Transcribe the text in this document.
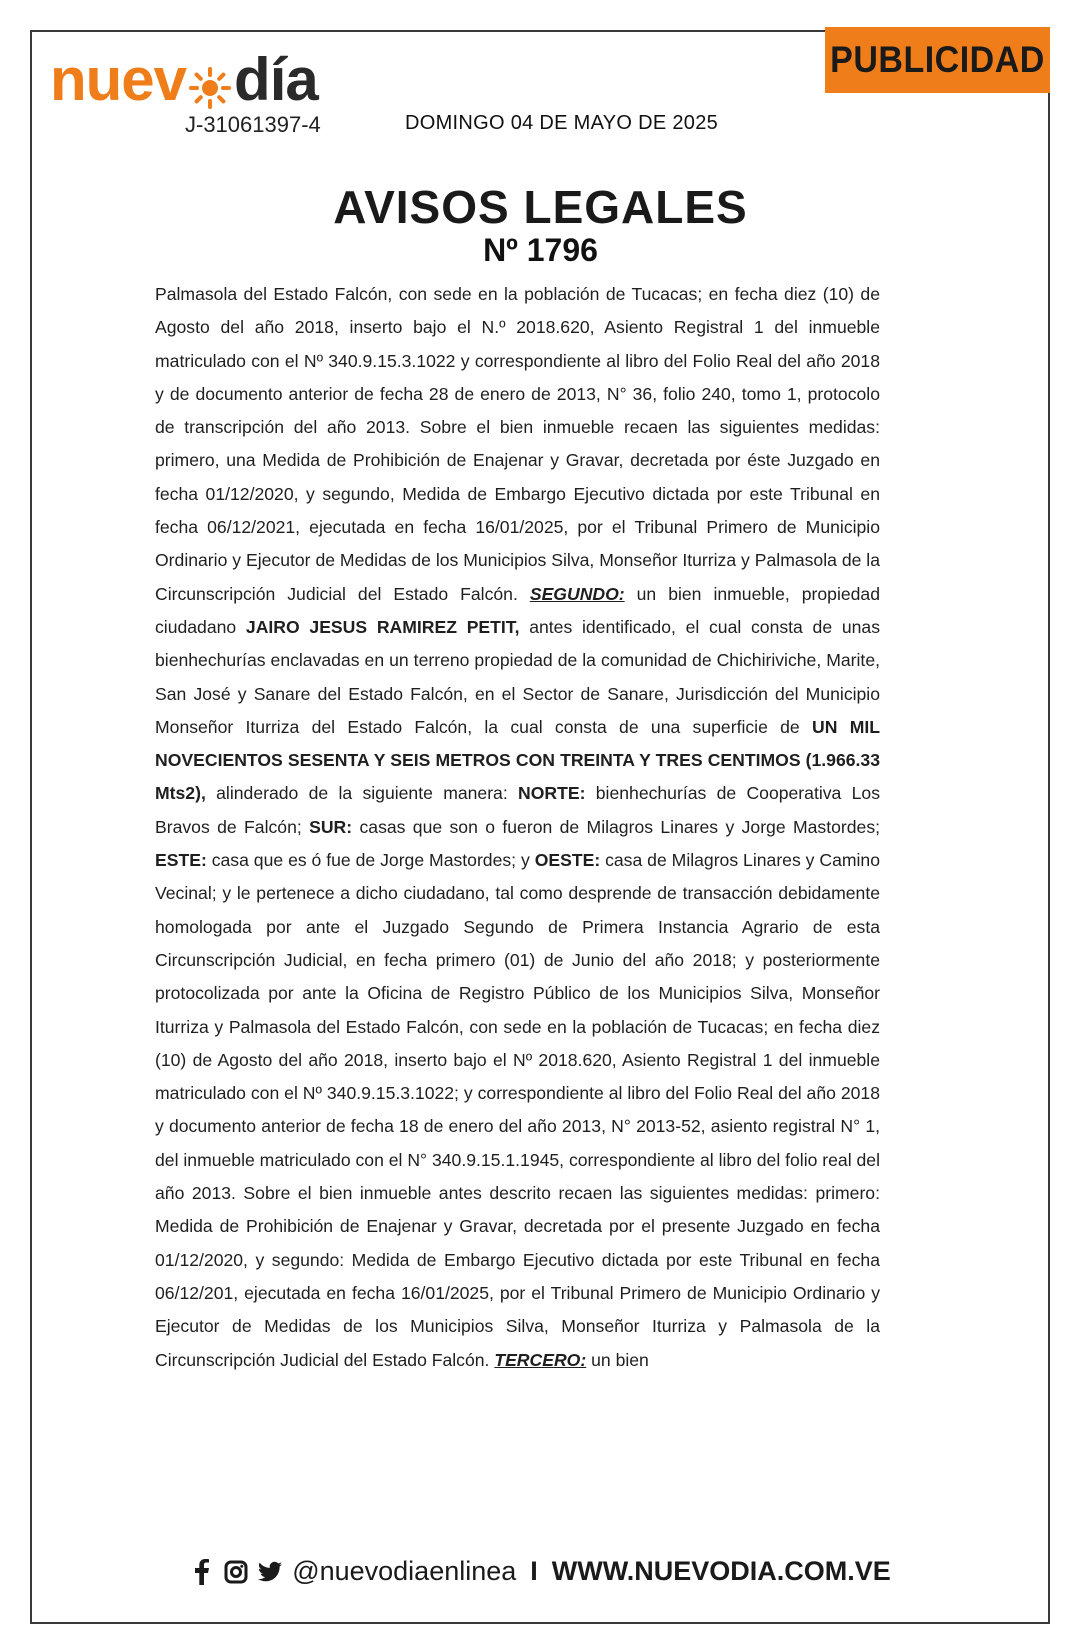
nuev día
J-31061397-4	DOMINGO 04 DE MAYO DE 2025
PUBLICIDAD
AVISOS LEGALES
Nº 1796

Palmasola del Estado Falcón, con sede en la población de Tucacas; en fecha diez (10) de Agosto del año 2018, inserto bajo el N.º 2018.620, Asiento Registral 1 del inmueble matriculado con el Nº 340.9.15.3.1022 y correspondiente al libro del Folio Real del año 2018 y de documento anterior de fecha 28 de enero de 2013, N° 36, folio 240, tomo 1, protocolo de transcripción del año 2013. Sobre el bien inmueble recaen las siguientes medidas: primero, una Medida de Prohibición de Enajenar y Gravar, decretada por éste Juzgado en fecha 01/12/2020, y segundo, Medida de Embargo Ejecutivo dictada por este Tribunal en fecha 06/12/2021, ejecutada en fecha 16/01/2025, por el Tribunal Primero de Municipio Ordinario y Ejecutor de Medidas de los Municipios Silva, Monseñor Iturriza y Palmasola de la Circunscripción Judicial del Estado Falcón. SEGUNDO: un bien inmueble, propiedad ciudadano JAIRO JESUS RAMIREZ PETIT, antes identificado, el cual consta de unas bienhechurías enclavadas en un terreno propiedad de la comunidad de Chichiriviche, Marite, San José y Sanare del Estado Falcón, en el Sector de Sanare, Jurisdicción del Municipio Monseñor Iturriza del Estado Falcón, la cual consta de una superficie de UN MIL NOVECIENTOS SESENTA Y SEIS METROS CON TREINTA Y TRES CENTIMOS (1.966.33 Mts2), alinderado de la siguiente manera: NORTE: bienhechurías de Cooperativa Los Bravos de Falcón; SUR: casas que son o fueron de Milagros Linares y Jorge Mastordes; ESTE: casa que es ó fue de Jorge Mastordes; y OESTE: casa de Milagros Linares y Camino Vecinal; y le pertenece a dicho ciudadano, tal como desprende de transacción debidamente homologada por ante el Juzgado Segundo de Primera Instancia Agrario de esta Circunscripción Judicial, en fecha primero (01) de Junio del año 2018; y posteriormente protocolizada por ante la Oficina de Registro Público de los Municipios Silva, Monseñor Iturriza y Palmasola del Estado Falcón, con sede en la población de Tucacas; en fecha diez (10) de Agosto del año 2018, inserto bajo el Nº 2018.620, Asiento Registral 1 del inmueble matriculado con el Nº 340.9.15.3.1022; y correspondiente al libro del Folio Real del año 2018 y documento anterior de fecha 18 de enero del año 2013, N° 2013-52, asiento registral N° 1, del inmueble matriculado con el N° 340.9.15.1.1945, correspondiente al libro del folio real del año 2013. Sobre el bien inmueble antes descrito recaen las siguientes medidas: primero: Medida de Prohibición de Enajenar y Gravar, decretada por el presente Juzgado en fecha 01/12/2020, y segundo: Medida de Embargo Ejecutivo dictada por este Tribunal en fecha 06/12/201, ejecutada en fecha 16/01/2025, por el Tribunal Primero de Municipio Ordinario y Ejecutor de Medidas de los Municipios Silva, Monseñor Iturriza y Palmasola de la Circunscripción Judicial del Estado Falcón. TERCERO: un bien

@nuevodiaenlinea I WWW.NUEVODIA.COM.VE
